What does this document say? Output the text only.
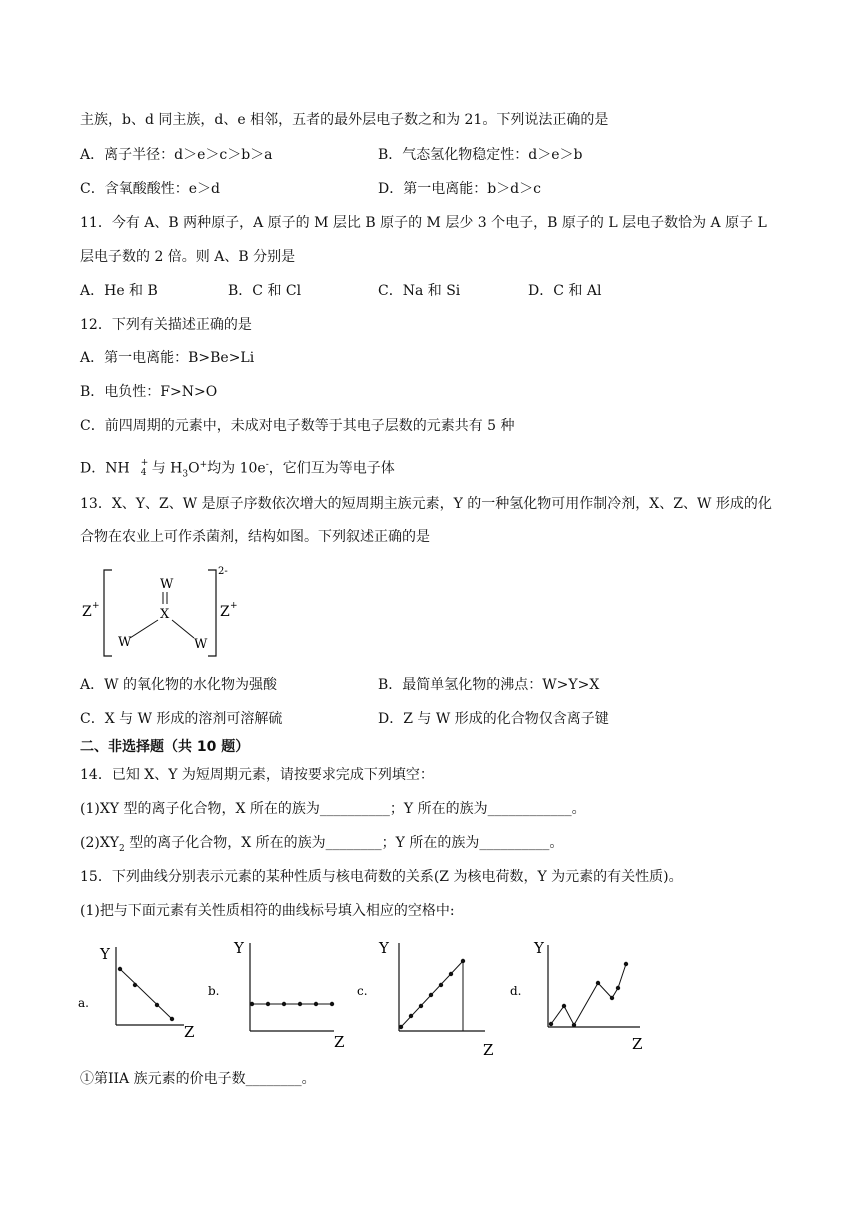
主族，b、d 同主族，d、e 相邻，五者的最外层电子数之和为 21。下列说法正确的是
A．离子半径：d＞e＞c＞b＞a	B．气态氢化物稳定性：d＞e＞b
C．含氧酸酸性：e＞d	D．第一电离能：b＞d＞c
11．今有 A、B 两种原子，A 原子的 M 层比 B 原子的 M 层少 3 个电子，B 原子的 L 层电子数恰为 A 原子 L
层电子数的 2 倍。则 A、B 分别是
A．He 和 B	B．C 和 Cl	C．Na 和 Si	D．C 和 Al
12．下列有关描述正确的是
A．第一电离能：B>Be>Li
B．电负性：F>N>O
C．前四周期的元素中，未成对电子数等于其电子层数的元素共有 5 种
D．NH +
4 与 $H_3O^+$均为 10e-，它们互为等电子体
13．X、Y、Z、W 是原子序数依次增大的短周期主族元素，Y 的一种氢化物可用作制冷剂，X、Z、W 形成的化
合物在农业上可作杀菌剂，结构如图。下列叙述正确的是
Z +
2-
Z +
W
X
W	W
A．W 的氧化物的水化物为强酸	B．最简单氢化物的沸点：W>Y>X
C．X 与 W 形成的溶剂可溶解硫	D．Z 与 W 形成的化合物仅含离子键
二、非选择题（共 10 题）
14．已知 X、Y 为短周期元素，请按要求完成下列填空：
(1)XY 型的离子化合物，X 所在的族为__________；Y 所在的族为____________。
$(2)XY_2$ 型的离子化合物，X 所在的族为________；Y 所在的族为__________。
15．下列曲线分别表示元素的某种性质与核电荷数的关系(Z 为核电荷数，Y 为元素的有关性质)。
(1)把与下面元素有关性质相符的曲线标号填入相应的空格中:
a.
Y
Z
b.
Y
Z
c.
Y
Z
d.
Y
Z
①第IIA 族元素的价电子数________。
